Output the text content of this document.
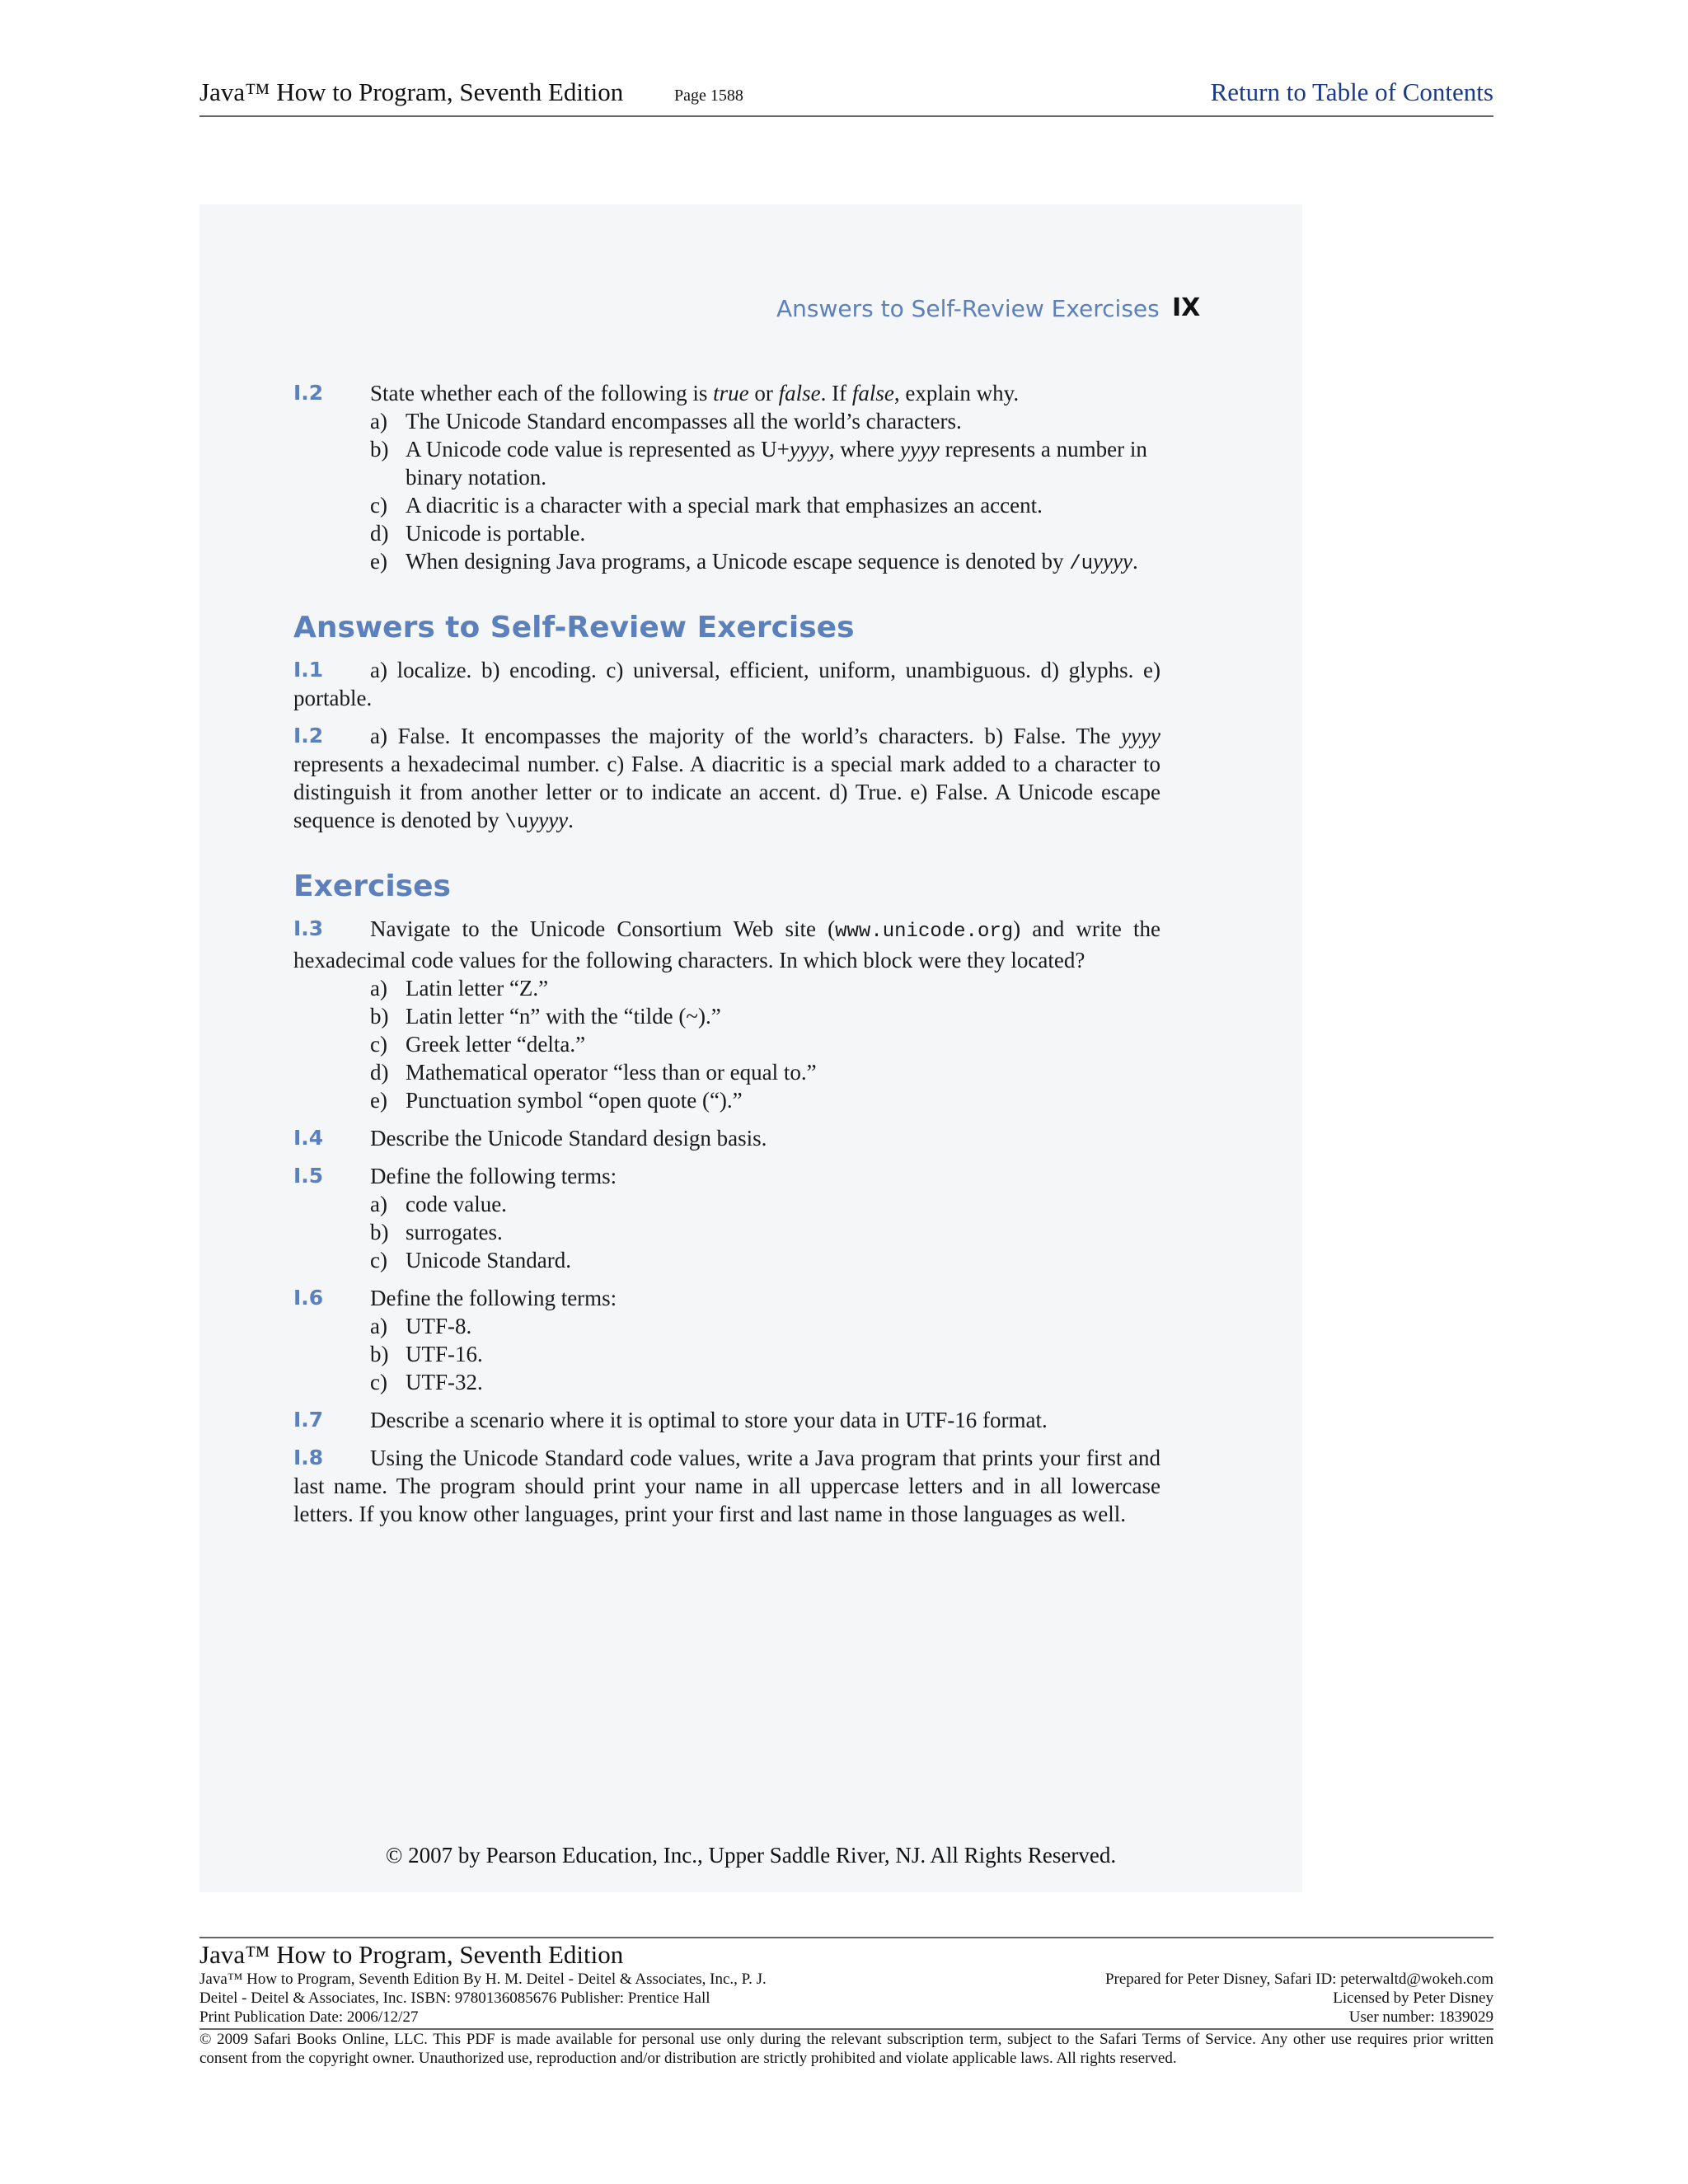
Java™ How to Program, Seventh Edition	Page 1588	Return to Table of Contents
Answers to Self-Review Exercises IX
I.2	State whether each of the following is true or false. If false, explain why.
a) The Unicode Standard encompasses all the world’s characters.
b) A Unicode code value is represented as U+yyyy, where yyyy represents a number in binary notation.
c) A diacritic is a character with a special mark that emphasizes an accent.
d) Unicode is portable.
e) When designing Java programs, a Unicode escape sequence is denoted by /uyyyy.
Answers to Self-Review Exercises
I.1	a) localize. b) encoding. c) universal, efficient, uniform, unambiguous. d) glyphs. e) portable.
I.2	a) False. It encompasses the majority of the world’s characters. b) False. The yyyy represents a hexadecimal number. c) False. A diacritic is a special mark added to a character to distinguish it from another letter or to indicate an accent. d) True. e) False. A Unicode escape sequence is denoted by \uyyyy.
Exercises
I.3	Navigate to the Unicode Consortium Web site (www.unicode.org) and write the hexadecimal code values for the following characters. In which block were they located?
a) Latin letter “Z.”
b) Latin letter “n” with the “tilde (~).”
c) Greek letter “delta.”
d) Mathematical operator “less than or equal to.”
e) Punctuation symbol “open quote (“).”
I.4	Describe the Unicode Standard design basis.
I.5	Define the following terms:
a) code value.
b) surrogates.
c) Unicode Standard.
I.6	Define the following terms:
a) UTF-8.
b) UTF-16.
c) UTF-32.
I.7	Describe a scenario where it is optimal to store your data in UTF-16 format.
I.8	Using the Unicode Standard code values, write a Java program that prints your first and last name. The program should print your name in all uppercase letters and in all lowercase letters. If you know other languages, print your first and last name in those languages as well.
© 2007 by Pearson Education, Inc., Upper Saddle River, NJ. All Rights Reserved.
Java™ How to Program, Seventh Edition
Java™ How to Program, Seventh Edition By H. M. Deitel - Deitel & Associates, Inc., P. J.	Prepared for Peter Disney, Safari ID: peterwaltd@wokeh.com
Deitel - Deitel & Associates, Inc. ISBN: 9780136085676 Publisher: Prentice Hall	Licensed by Peter Disney
Print Publication Date: 2006/12/27	User number: 1839029
© 2009 Safari Books Online, LLC. This PDF is made available for personal use only during the relevant subscription term, subject to the Safari Terms of Service. Any other use requires prior written consent from the copyright owner. Unauthorized use, reproduction and/or distribution are strictly prohibited and violate applicable laws. All rights reserved.
